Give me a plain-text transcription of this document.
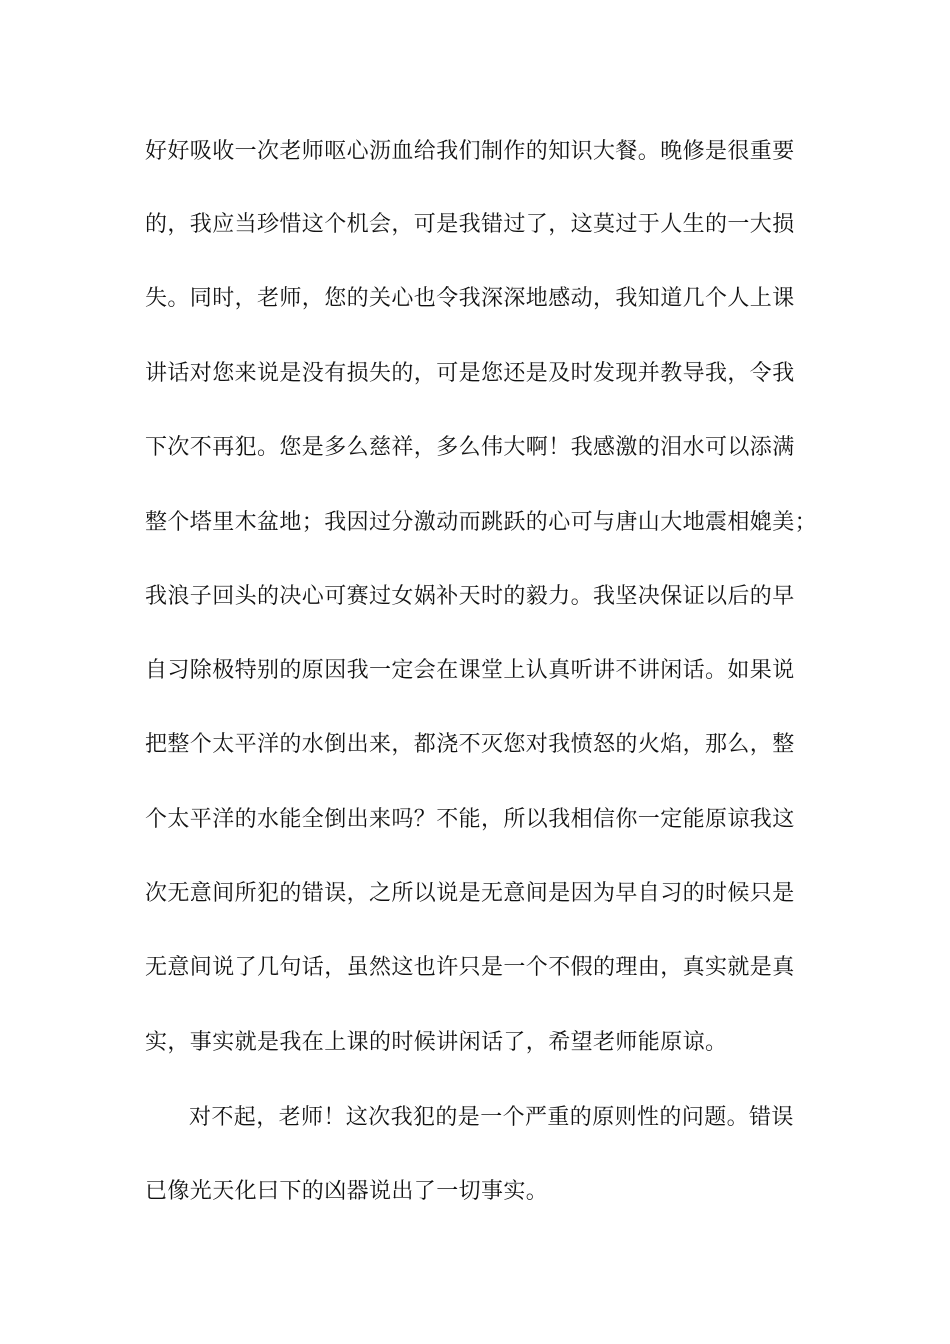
好好吸收一次老师呕心沥血给我们制作的知识大餐。晚修是很重要
的，我应当珍惜这个机会，可是我错过了，这莫过于人生的一大损
失。同时，老师，您的关心也令我深深地感动，我知道几个人上课
讲话对您来说是没有损失的，可是您还是及时发现并教导我，令我
下次不再犯。您是多么慈祥，多么伟大啊！我感激的泪水可以添满
整个塔里木盆地；我因过分激动而跳跃的心可与唐山大地震相媲美；
我浪子回头的决心可赛过女娲补天时的毅力。我坚决保证以后的早
自习除极特别的原因我一定会在课堂上认真听讲不讲闲话。如果说
把整个太平洋的水倒出来，都浇不灭您对我愤怒的火焰，那么，整
个太平洋的水能全倒出来吗？不能，所以我相信你一定能原谅我这
次无意间所犯的错误，之所以说是无意间是因为早自习的时候只是
无意间说了几句话，虽然这也许只是一个不假的理由，真实就是真
实，事实就是我在上课的时候讲闲话了，希望老师能原谅。
对不起，老师！这次我犯的是一个严重的原则性的问题。错误
已像光天化曰下的凶器说出了一切事实。
